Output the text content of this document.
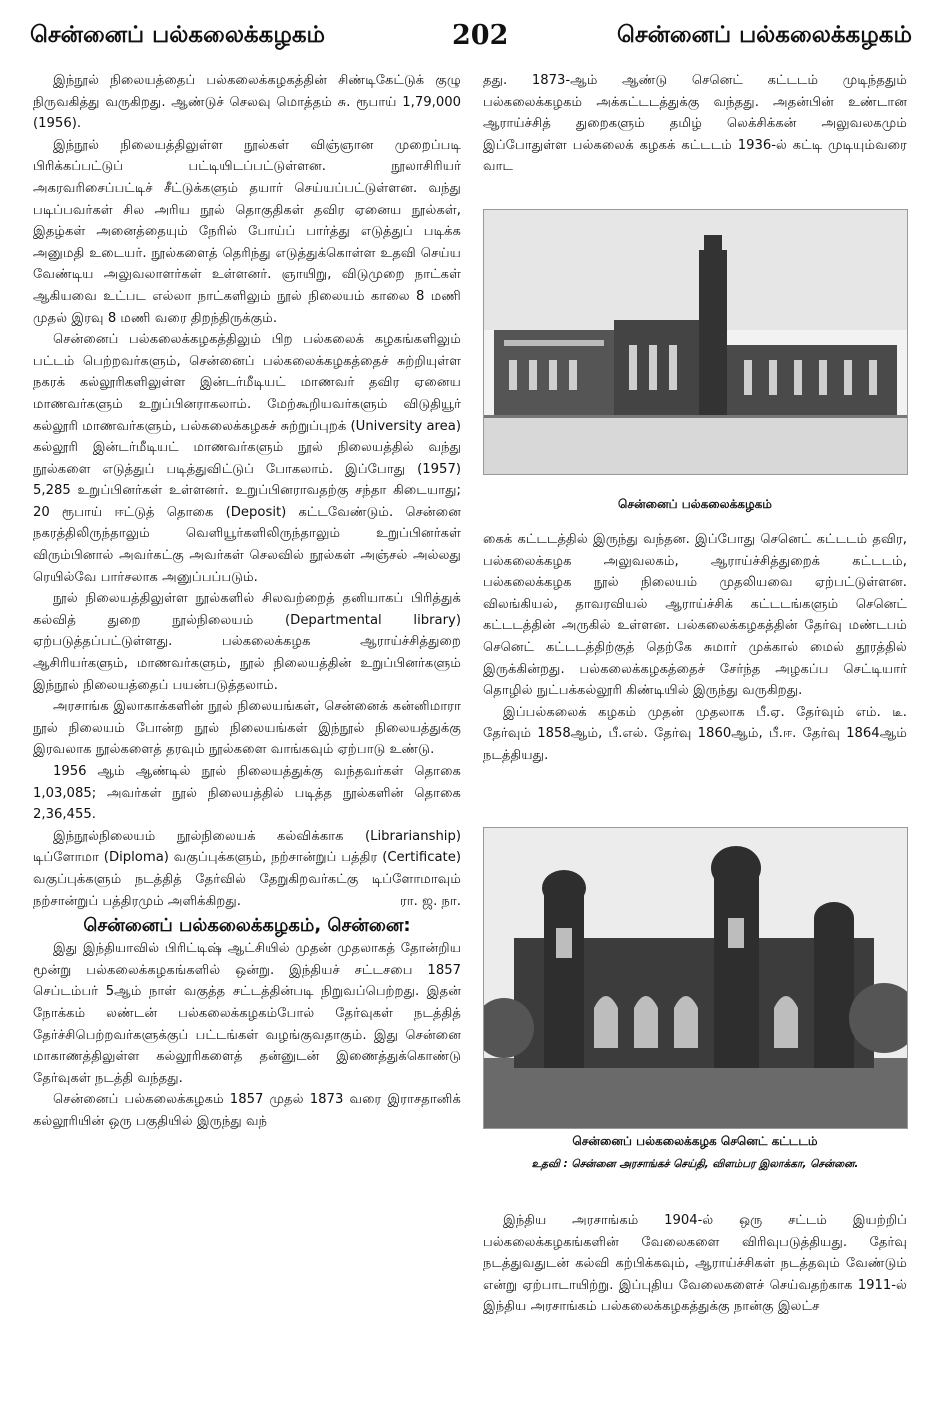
சென்னைப் பல்கலைக்கழகம்	202	சென்னைப் பல்கலைக்கழகம்

இந்நூல் நிலையத்தைப் பல்கலைக்கழகத்தின் சிண்டிகேட்டுக் குழு நிருவகித்து வருகிறது. ஆண்டுச் செலவு மொத்தம் சு. ரூபாய் 1,79,000 (1956).

இந்நூல் நிலையத்திலுள்ள நூல்கள் விஞ்ஞான முறைப்படி பிரிக்கப்பட்டுப் பட்டியிடப்பட்டுள்ளன. நூலாசிரியர் அகரவரிசைப்பட்டிச் சீட்டுக்களும் தயார் செய்யப்பட்டுள்ளன. வந்து படிப்பவர்கள் சில அரிய நூல் தொகுதிகள் தவிர ஏனைய நூல்கள், இதழ்கள் அனைத்தையும் நேரில் போய்ப் பார்த்து எடுத்துப் படிக்க அனுமதி உடையர். நூல்களைத் தெரிந்து எடுத்துக்கொள்ள உதவி செய்ய வேண்டிய அலுவலாளர்கள் உள்ளனர். ஞாயிறு, விடுமுறை நாட்கள் ஆகியவை உட்பட எல்லா நாட்களிலும் நூல் நிலையம் காலை 8 மணி முதல் இரவு 8 மணி வரை திறந்திருக்கும்.

சென்னைப் பல்கலைக்கழகத்திலும் பிற பல்கலைக் கழகங்களிலும் பட்டம் பெற்றவர்களும், சென்னைப் பல்கலைக்கழகத்தைச் சுற்றியுள்ள நகரக் கல்லூரிகளிலுள்ள இன்டர்மீடியட் மாணவர் தவிர ஏனைய மாணவர்களும் உறுப்பினராகலாம். மேற்கூறியவர்களும் விடுதியூர் கல்லூரி மாணவர்களும், பல்கலைக்கழகச் சுற்றுப்புறக் (University area) கல்லூரி இன்டர்மீடியட் மாணவர்களும் நூல் நிலையத்தில் வந்து நூல்களை எடுத்துப் படித்துவிட்டுப் போகலாம். இப்போது (1957) 5,285 உறுப்பினர்கள் உள்ளனர். உறுப்பினராவதற்கு சந்தா கிடையாது; 20 ரூபாய் ஈட்டுத் தொகை (Deposit) கட்டவேண்டும். சென்னை நகரத்திலிருந்தாலும் வெளியூர்களிலிருந்தாலும் உறுப்பினர்கள் விரும்பினால் அவர்கட்கு அவர்கள் செலவில் நூல்கள் அஞ்சல் அல்லது ரெயில்வே பார்சலாக அனுப்பப்படும்.

நூல் நிலையத்திலுள்ள நூல்களில் சிலவற்றைத் தனியாகப் பிரித்துக் கல்வித் துறை நூல்நிலையம் (Departmental library) ஏற்படுத்தப்பட்டுள்ளது. பல்கலைக்கழக ஆராய்ச்சித்துறை ஆசிரியர்களும், மாணவர்களும், நூல் நிலையத்தின் உறுப்பினர்களும் இந்நூல் நிலையத்தைப் பயன்படுத்தலாம்.

அரசாங்க இலாகாக்களின் நூல் நிலையங்கள், சென்னைக் கன்னிமாரா நூல் நிலையம் போன்ற நூல் நிலையங்கள் இந்நூல் நிலையத்துக்கு இரவலாக நூல்களைத் தரவும் நூல்களை வாங்கவும் ஏற்பாடு உண்டு.

1956 ஆம் ஆண்டில் நூல் நிலையத்துக்கு வந்தவர்கள் தொகை 1,03,085; அவர்கள் நூல் நிலையத்தில் படித்த நூல்களின் தொகை 2,36,455.

இந்நூல்நிலையம் நூல்நிலையக் கல்விக்காக (Librarianship) டிப்ளோமா (Diploma) வகுப்புக்களும், நற்சான்றுப் பத்திர (Certificate) வகுப்புக்களும் நடத்தித் தேர்வில் தேறுகிறவர்கட்கு டிப்ளோமாவும் நற்சான்றுப் பத்திரமும் அளிக்கிறது.	ரா. ஜ. நா.

சென்னைப் பல்கலைக்கழகம், சென்னை:

இது இந்தியாவில் பிரிட்டிஷ் ஆட்சியில் முதன் முதலாகத் தோன்றிய மூன்று பல்கலைக்கழகங்களில் ஒன்று. இந்தியச் சட்டசபை 1857 செப்டம்பர் 5ஆம் நாள் வகுத்த சட்டத்தின்படி நிறுவப்பெற்றது. இதன் நோக்கம் லண்டன் பல்கலைக்கழகம்போல் தேர்வுகள் நடத்தித் தேர்ச்சிபெற்றவர்களுக்குப் பட்டங்கள் வழங்குவதாகும். இது சென்னை மாகாணத்திலுள்ள கல்லூரிகளைத் தன்னுடன் இணைத்துக்கொண்டு தேர்வுகள் நடத்தி வந்தது.

சென்னைப் பல்கலைக்கழகம் 1857 முதல் 1873 வரை இராசதானிக் கல்லூரியின் ஒரு பகுதியில் இருந்து வந்

தது. 1873-ஆம் ஆண்டு செனெட் கட்டடம் முடிந்ததும் பல்கலைக்கழகம் அக்கட்டடத்துக்கு வந்தது. அதன்பின் உண்டான ஆராய்ச்சித் துறைகளும் தமிழ் லெக்சிக்கன் அலுவலகமும் இப்போதுள்ள பல்கலைக் கழகக் கட்டடம் 1936-ல் கட்டி முடியும்வரை வாட

சென்னைப் பல்கலைக்கழகம்

கைக் கட்டடத்தில் இருந்து வந்தன. இப்போது செனெட் கட்டடம் தவிர, பல்கலைக்கழக அலுவலகம், ஆராய்ச்சித்துறைக் கட்டடம், பல்கலைக்கழக நூல் நிலையம் முதலியவை ஏற்பட்டுள்ளன. விலங்கியல், தாவரவியல் ஆராய்ச்சிக் கட்டடங்களும் செனெட் கட்டடத்தின் அருகில் உள்ளன. பல்கலைக்கழகத்தின் தேர்வு மண்டபம் செனெட் கட்டடத்திற்குத் தெற்கே சுமார் முக்கால் மைல் தூரத்தில் இருக்கின்றது. பல்கலைக்கழகத்தைச் சேர்ந்த அழகப்ப செட்டியார் தொழில் நுட்பக்கல்லூரி கிண்டியில் இருந்து வருகிறது.

இப்பல்கலைக் கழகம் முதன் முதலாக பீ.ஏ. தேர்வும் எம். டீ. தேர்வும் 1858ஆம், பீ.எல். தேர்வு 1860ஆம், பீ.ஈ. தேர்வு 1864ஆம் நடத்தியது.

சென்னைப் பல்கலைக்கழக செனெட் கட்டடம்
உதவி : சென்னை அரசாங்கச் செய்தி, விளம்பர இலாக்கா, சென்னை.

இந்திய அரசாங்கம் 1904-ல் ஒரு சட்டம் இயற்றிப் பல்கலைக்கழகங்களின் வேலைகளை விரிவுபடுத்தியது. தேர்வு நடத்துவதுடன் கல்வி கற்பிக்கவும், ஆராய்ச்சிகள் நடத்தவும் வேண்டும் என்று ஏற்பாடாயிற்று. இப்புதிய வேலைகளைச் செய்வதற்காக 1911-ல் இந்திய அரசாங்கம் பல்கலைக்கழகத்துக்கு நான்கு இலட்ச
